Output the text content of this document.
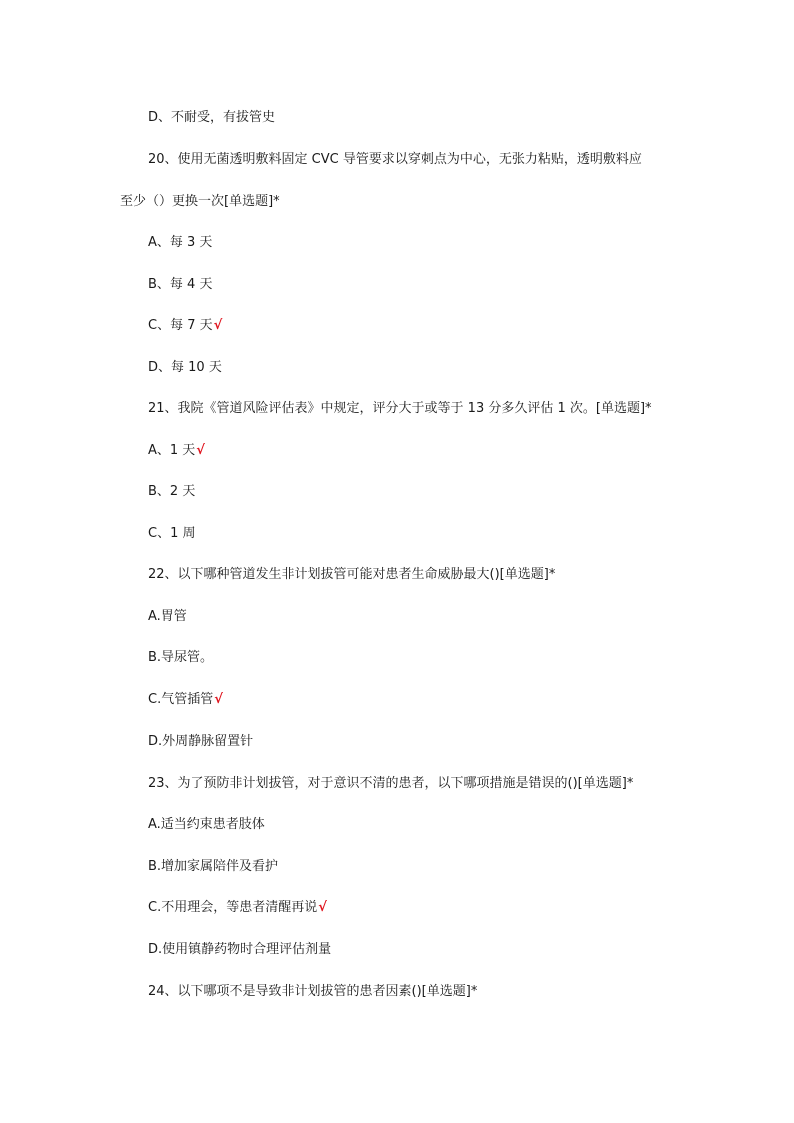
D、不耐受，有拔管史
20、使用无菌透明敷料固定 CVC 导管要求以穿刺点为中心，无张力粘贴，透明敷料应
至少（）更换一次[单选题]*
A、每 3 天
B、每 4 天
C、每 7 天√
D、每 10 天
21、我院《管道风险评估表》中规定，评分大于或等于 13 分多久评估 1 次。[单选题]*
A、1 天√
B、2 天
C、1 周
22、以下哪种管道发生非计划拔管可能对患者生命威胁最大()[单选题]*
A.胃管
B.导尿管。
C.气管插管√
D.外周静脉留置针
23、为了预防非计划拔管，对于意识不清的患者，以下哪项措施是错误的()[单选题]*
A.适当约束患者肢体
B.增加家属陪伴及看护
C.不用理会，等患者清醒再说√
D.使用镇静药物时合理评估剂量
24、以下哪项不是导致非计划拔管的患者因素()[单选题]*
